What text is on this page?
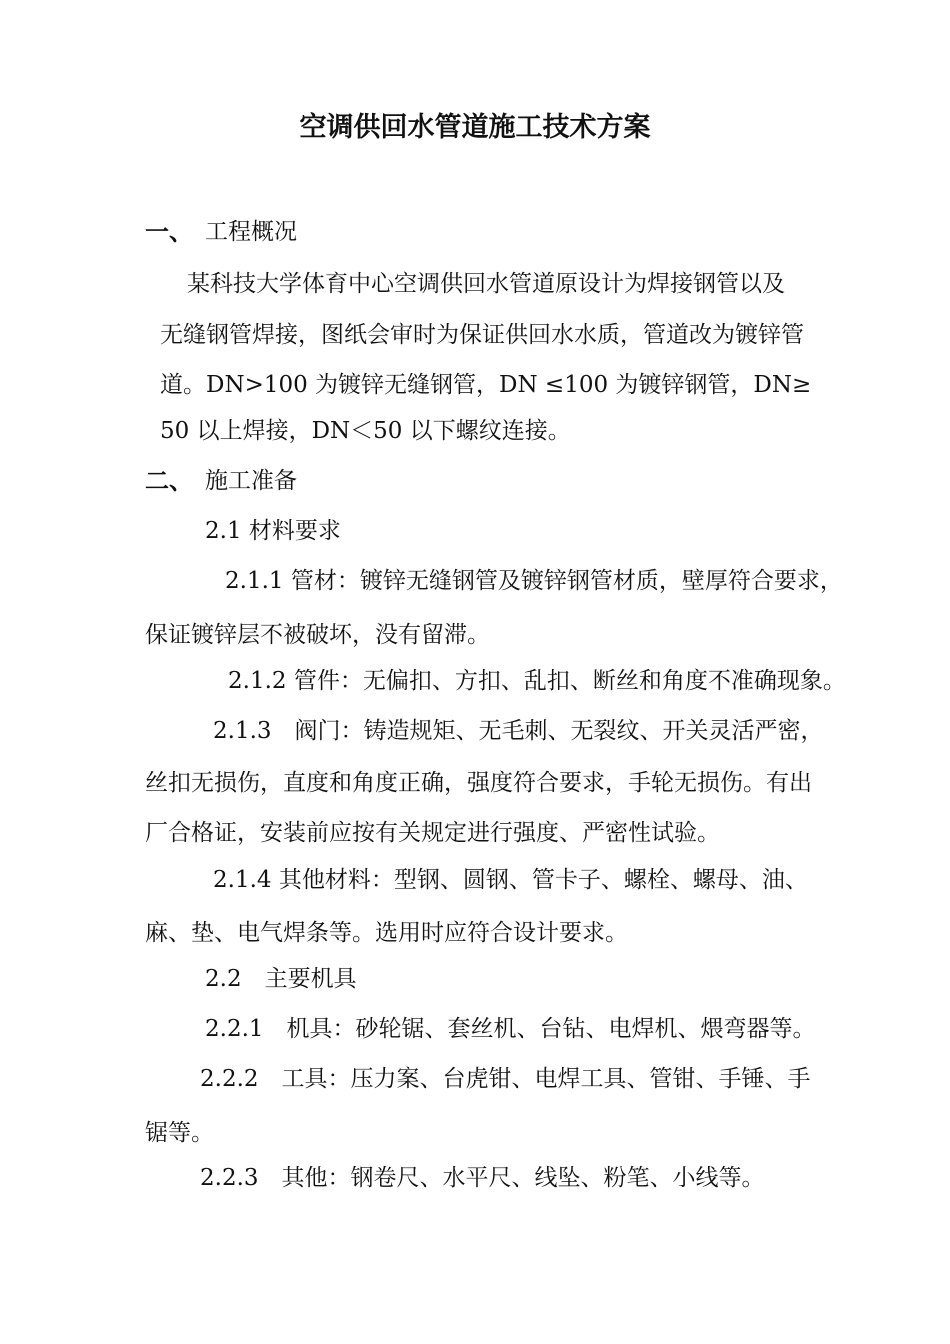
空调供回水管道施工技术方案
一、 工程概况
某科技大学体育中心空调供回水管道原设计为焊接钢管以及
无缝钢管焊接，图纸会审时为保证供回水水质，管道改为镀锌管
道。DN>100 为镀锌无缝钢管，DN ≤100 为镀锌钢管，DN≥
50 以上焊接，DN＜50 以下螺纹连接。
二、 施工准备
2.1 材料要求
2.1.1 管材：镀锌无缝钢管及镀锌钢管材质，壁厚符合要求，
保证镀锌层不被破坏，没有留滞。
2.1.2 管件：无偏扣、方扣、乱扣、断丝和角度不准确现象。
2.1.3　阀门：铸造规矩、无毛刺、无裂纹、开关灵活严密，
丝扣无损伤，直度和角度正确，强度符合要求，手轮无损伤。有出
厂合格证，安装前应按有关规定进行强度、严密性试验。
2.1.4 其他材料：型钢、圆钢、管卡子、螺栓、螺母、油、
麻、垫、电气焊条等。选用时应符合设计要求。
2.2　主要机具
2.2.1　机具：砂轮锯、套丝机、台钻、电焊机、煨弯器等。
2.2.2　工具：压力案、台虎钳、电焊工具、管钳、手锤、手
锯等。
2.2.3　其他：钢卷尺、水平尺、线坠、粉笔、小线等。
